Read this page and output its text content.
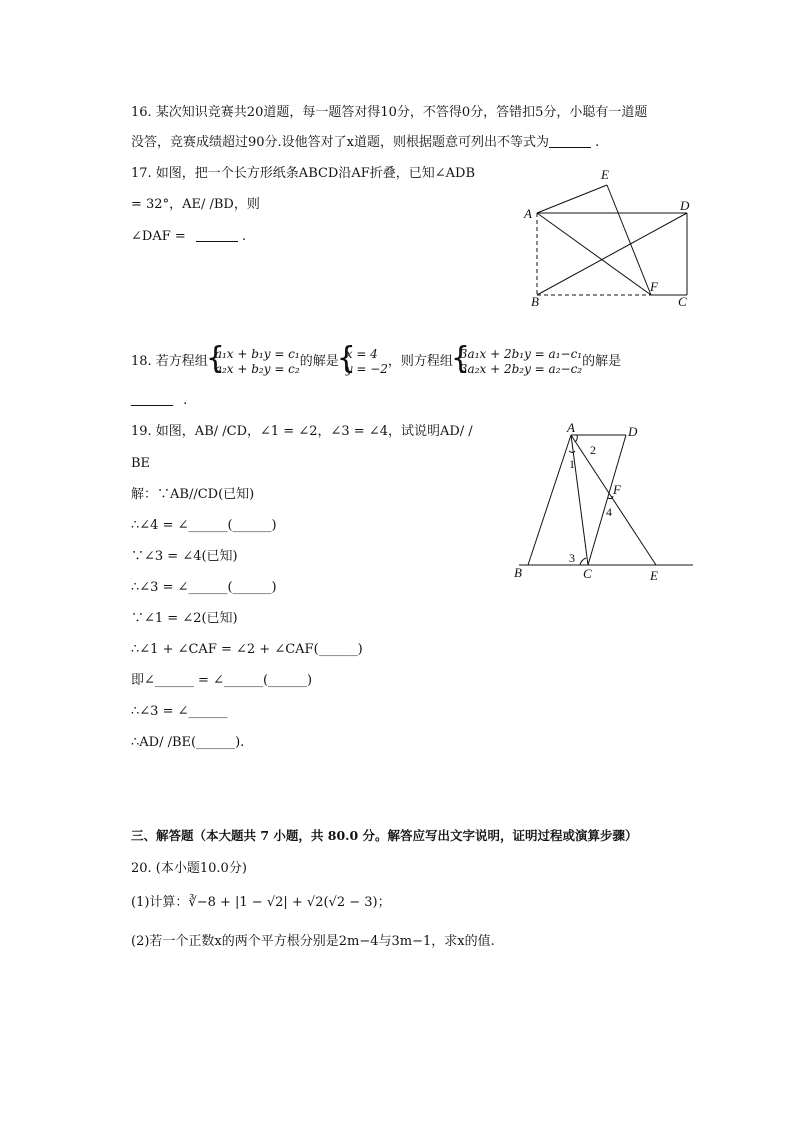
16. 某次知识竞赛共20道题，每一题答对得10分，不答得0分，答错扣5分，小聪有一道题
没答，竞赛成绩超过90分.设他答对了x道题，则根据题意可列出不等式为	.
17. 如图，把一个长方形纸条ABCD沿AF折叠，已知∠ADB
= 32°，AE/ /BD，则
∠DAF =	.
E
A
D
F
B	C
18. 若方程组
{ a₁x + b₁y = c₁
a₂x + b₂y = c₂ 的解是
{ x = 4
y = −2 ，则方程组
{ 3a₁x + 2b₁y = a₁−c₁
3a₂x + 2b₂y = a₂−c₂ 的解是
.
19. 如图，AB/ /CD，∠1 = ∠2，∠3 = ∠4，试说明AD/ /
BE
解：∵AB//CD(已知)
∴∠4 = ∠______(______)
∵∠3 = ∠4(已知)
∴∠3 = ∠______(______)
∵∠1 = ∠2(已知)
∴∠1 + ∠CAF = ∠2 + ∠CAF(______)
即∠______ = ∠______(______)
∴∠3 = ∠______
∴AD/ /BE(______).
A	D
2
1
F
4
3
B	C	E
三、解答题（本大题共 7 小题，共 80.0 分。解答应写出文字说明，证明过程或演算步骤）
20. (本小题10.0分)
(1)计算：∛−8 + |1 − √2| + √2(√2 − 3)；
(2)若一个正数x的两个平方根分别是2m−4与3m−1，求x的值.
